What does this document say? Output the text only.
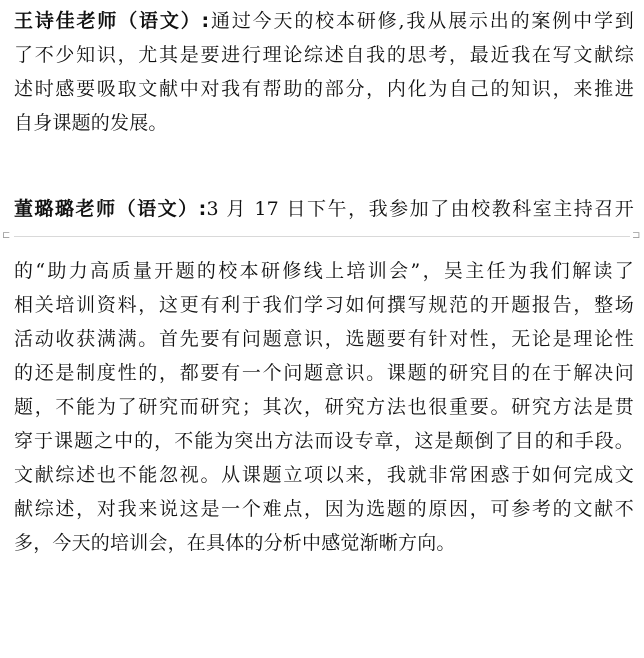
王诗佳老师（语文）:通过今天的校本研修,我从展示出的案例中学到
了不少知识，尤其是要进行理论综述自我的思考，最近我在写文献综
述时感要吸取文献中对我有帮助的部分，内化为自己的知识，来推进
自身课题的发展。
董璐璐老师（语文）:3 月 17 日下午，我参加了由校教科室主持召开
⊏	⊐
的“助力高质量开题的校本研修线上培训会”，吴主任为我们解读了
相关培训资料，这更有利于我们学习如何撰写规范的开题报告，整场
活动收获满满。首先要有问题意识，选题要有针对性，无论是理论性
的还是制度性的，都要有一个问题意识。课题的研究目的在于解决问
题，不能为了研究而研究；其次，研究方法也很重要。研究方法是贯
穿于课题之中的，不能为突出方法而设专章，这是颠倒了目的和手段。
文献综述也不能忽视。从课题立项以来，我就非常困惑于如何完成文
献综述，对我来说这是一个难点，因为选题的原因，可参考的文献不
多，今天的培训会，在具体的分析中感觉渐晰方向。
